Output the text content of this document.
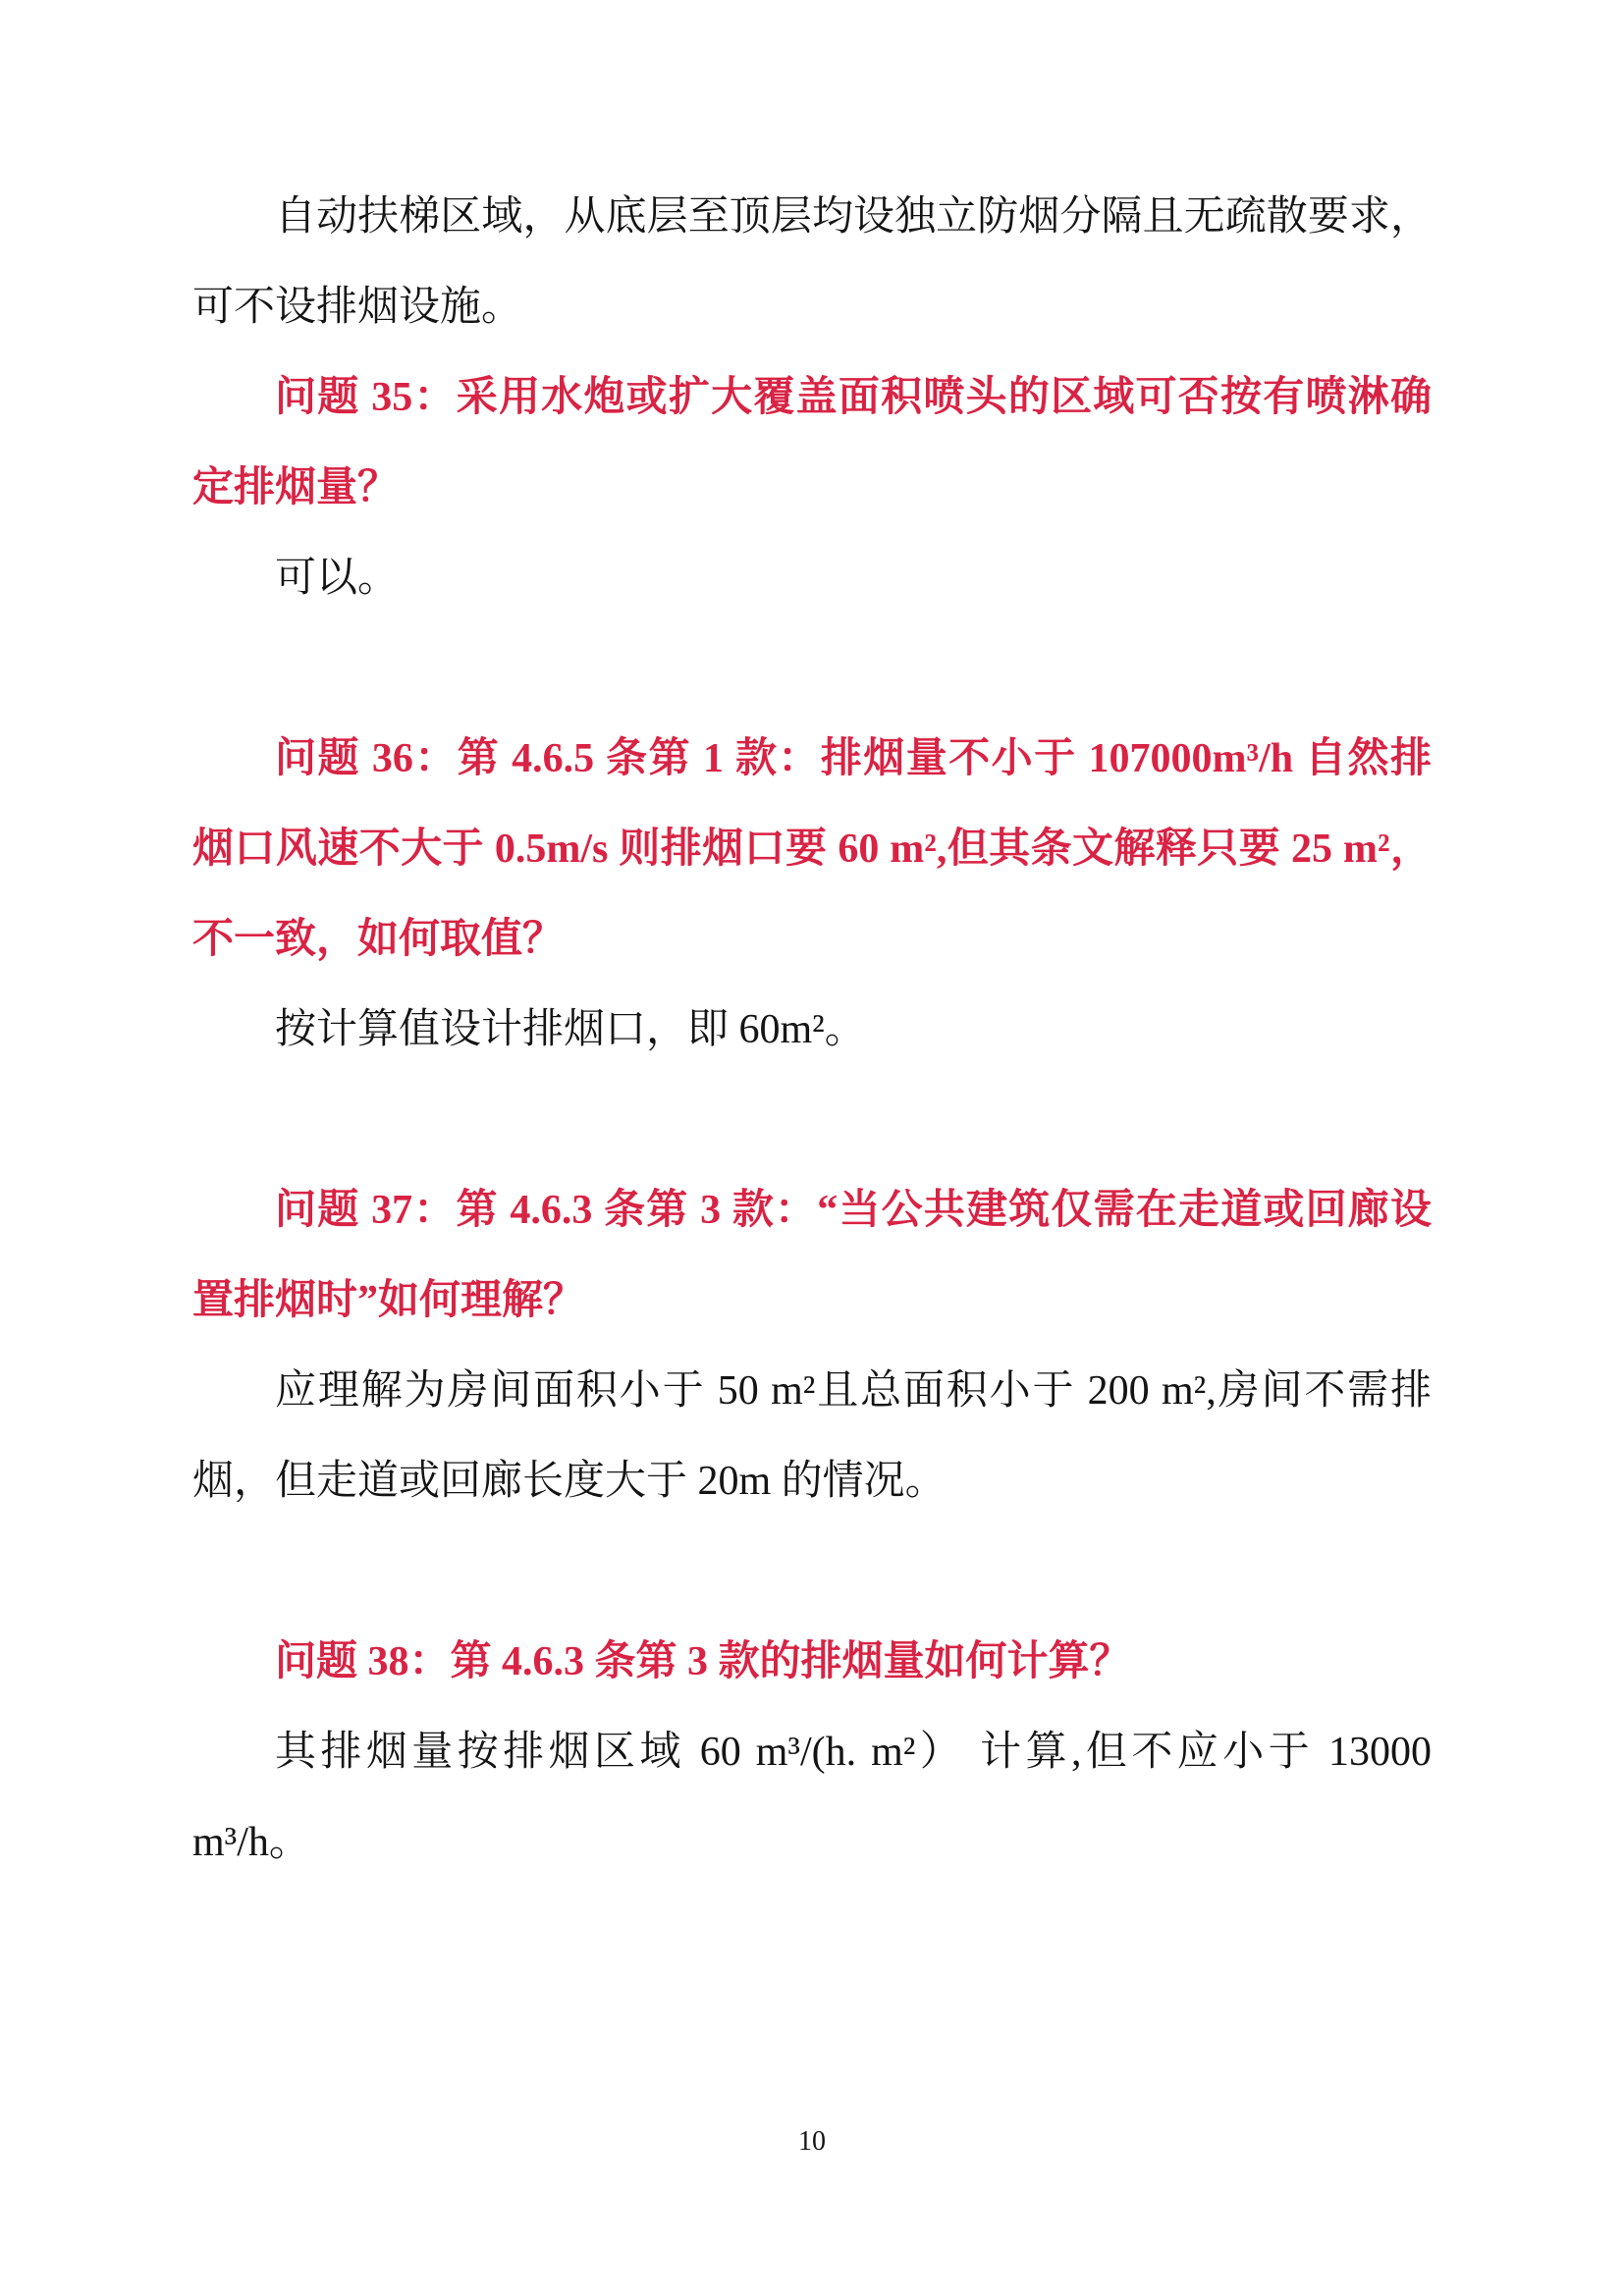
自动扶梯区域，从底层至顶层均设独立防烟分隔且无疏散要求，可不设排烟设施。

问题 35：采用水炮或扩大覆盖面积喷头的区域可否按有喷淋确定排烟量？

可以。

问题 36：第 4.6.5 条第 1 款：排烟量不小于 107000m³/h 自然排烟口风速不大于 0.5m/s 则排烟口要 60 m²,但其条文解释只要 25 m²，不一致，如何取值？

按计算值设计排烟口，即 60m²。

问题 37：第 4.6.3 条第 3 款：“当公共建筑仅需在走道或回廊设置排烟时”如何理解？

应理解为房间面积小于 50 m²且总面积小于 200 m²,房间不需排烟，但走道或回廊长度大于 20m 的情况。

问题 38：第 4.6.3 条第 3 款的排烟量如何计算？

其排烟量按排烟区域 60 m³/(h. m²） 计算,但不应小于 13000 m³/h。

10
